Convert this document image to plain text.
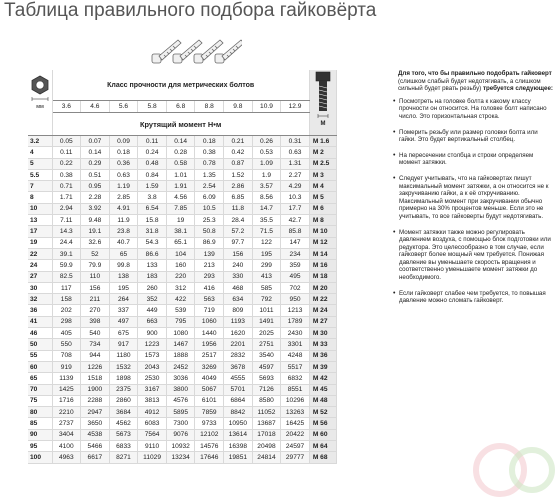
Таблица правильного подбора гайковёрта
мм	Класс прочности для метрических болтов									M

	3.6	4.6	5.6	5.8	6.8	8.8	9.8	10.9	12.9	
	Крутящий момент Н•м									
3.2	0.05	0.07	0.09	0.11	0.14	0.18	0.21	0.26	0.31	M 1.6
4	0.11	0.14	0.18	0.24	0.28	0.38	0.42	0.53	0.63	M 2
5	0.22	0.29	0.36	0.48	0.58	0.78	0.87	1.09	1.31	M 2.5
5.5	0.38	0.51	0.63	0.84	1.01	1.35	1.52	1.9	2.27	M 3
7	0.71	0.95	1.19	1.59	1.91	2.54	2.86	3.57	4.29	M 4
8	1.71	2.28	2.85	3.8	4.56	6.09	6.85	8.56	10.3	M 5
10	2.94	3.92	4.91	6.54	7.85	10.5	11.8	14.7	17.7	M 6
13	7.11	9.48	11.9	15.8	19	25.3	28.4	35.5	42.7	M 8
17	14.3	19.1	23.8	31.8	38.1	50.8	57.2	71.5	85.8	M 10
19	24.4	32.6	40.7	54.3	65.1	86.9	97.7	122	147	M 12
22	39.1	52	65	86.6	104	139	156	195	234	M 14
24	59.9	79.9	99.8	133	160	213	240	299	359	M 16
27	82.5	110	138	183	220	293	330	413	495	M 18
30	117	156	195	260	312	416	468	585	702	M 20
32	158	211	264	352	422	563	634	792	950	M 22
36	202	270	337	449	539	719	809	1011	1213	M 24
41	298	398	497	663	795	1060	1193	1491	1789	M 27
46	405	540	675	900	1080	1440	1620	2025	2430	M 30
50	550	734	917	1223	1467	1956	2201	2751	3301	M 33
55	708	944	1180	1573	1888	2517	2832	3540	4248	M 36
60	919	1226	1532	2043	2452	3269	3678	4597	5517	M 39
65	1139	1518	1898	2530	3036	4049	4555	5693	6832	M 42
70	1425	1900	2375	3167	3800	5067	5701	7126	8551	M 45
75	1716	2288	2860	3813	4576	6101	6864	8580	10296	M 48
80	2210	2947	3684	4912	5895	7859	8842	11052	13263	M 52
85	2737	3650	4562	6083	7300	9733	10950	13687	16425	M 56
90	3404	4538	5673	7564	9076	12102	13614	17018	20422	M 60
95	4100	5466	6833	9110	10932	14576	16398	20498	24597	M 64
100	4963	6617	8271	11029	13234	17646	19851	24814	29777	M 68
Для того, что бы правильно подобрать гайковерт (слишком слабый будет недотягивать, а слишком сильный будет рвать резьбу) требуется следующее:
• Посмотреть на головке болта к какому классу прочности он относится. На головке болт написано число. Это горизонтальная строка.
• Померить резьбу или размер головки болта или гайки. Это будет вертикальный столбец.
• На пересечении столбца и строки определяем момент затяжки.
• Следует учитывать, что на гайковертах пишут максимальный момент затяжки, а он относится не к закручиванию гайки, а к её откручиванию. Максимальный момент при закручивании обычно примерно на 30% процентов меньше. Если это не учитывать, то все гайковерты будут недотягивать.
• Момент затяжки также можно регулировать давлением воздуха, с помощью блок подготовки или редуктора. Это целесообразно в том случае, если гайковерт более мощный чем требуется. Понижая давление вы уменьшаете скорость вращения и соответственно уменьшаете момент затяжки до необходимого.
• Если гайковерт слабее чем требуется, то повышая давление можно сломать гайковерт.
